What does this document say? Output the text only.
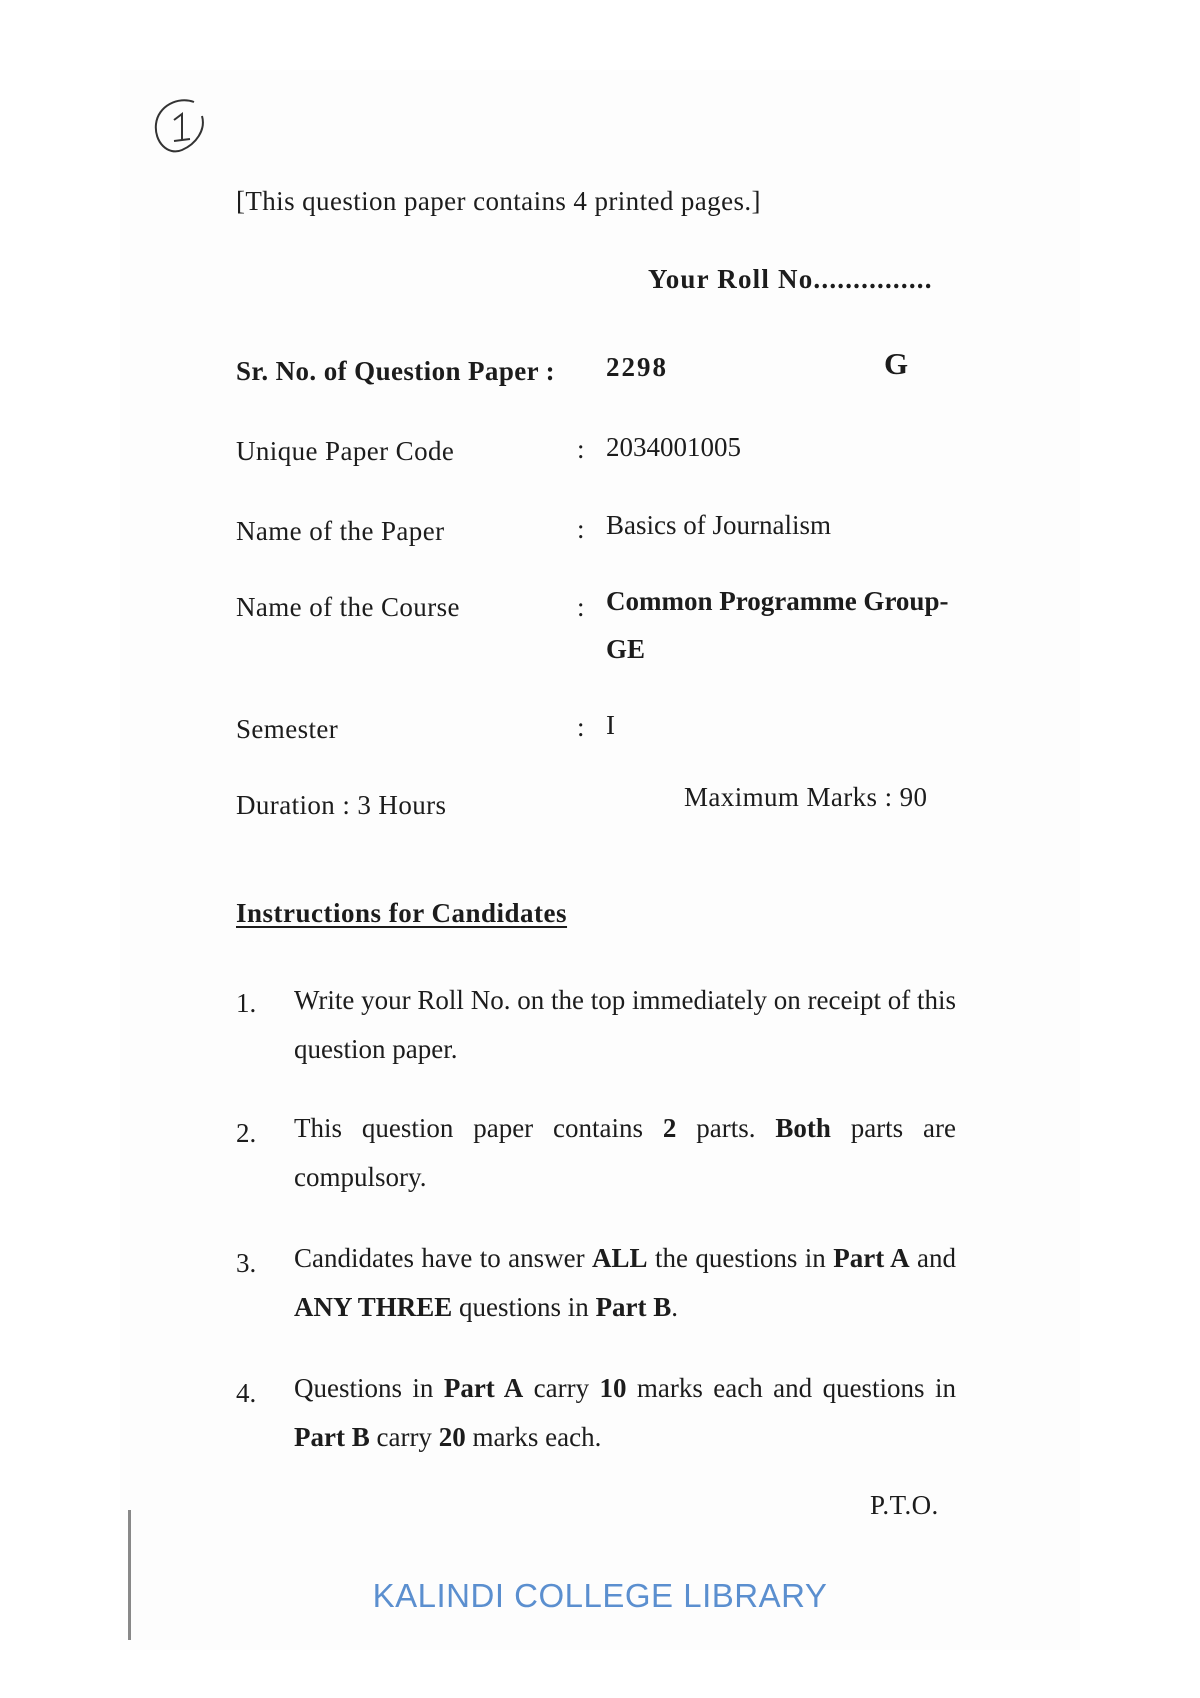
[This question paper contains 4 printed pages.]
Your Roll No...............
Sr. No. of Question Paper : 2298	G
Unique Paper Code	: 2034001005
Name of the Paper	: Basics of Journalism
Name of the Course	: Common Programme Group-
GE
Semester	: I
Duration : 3 Hours	Maximum Marks : 90
Instructions for Candidates
1. Write your Roll No. on the top immediately on receipt of this question paper.
2. This question paper contains 2 parts. Both parts are compulsory.
3. Candidates have to answer ALL the questions in Part A and ANY THREE questions in Part B.
4. Questions in Part A carry 10 marks each and questions in Part B carry 20 marks each.
P.T.O.
KALINDI COLLEGE LIBRARY
